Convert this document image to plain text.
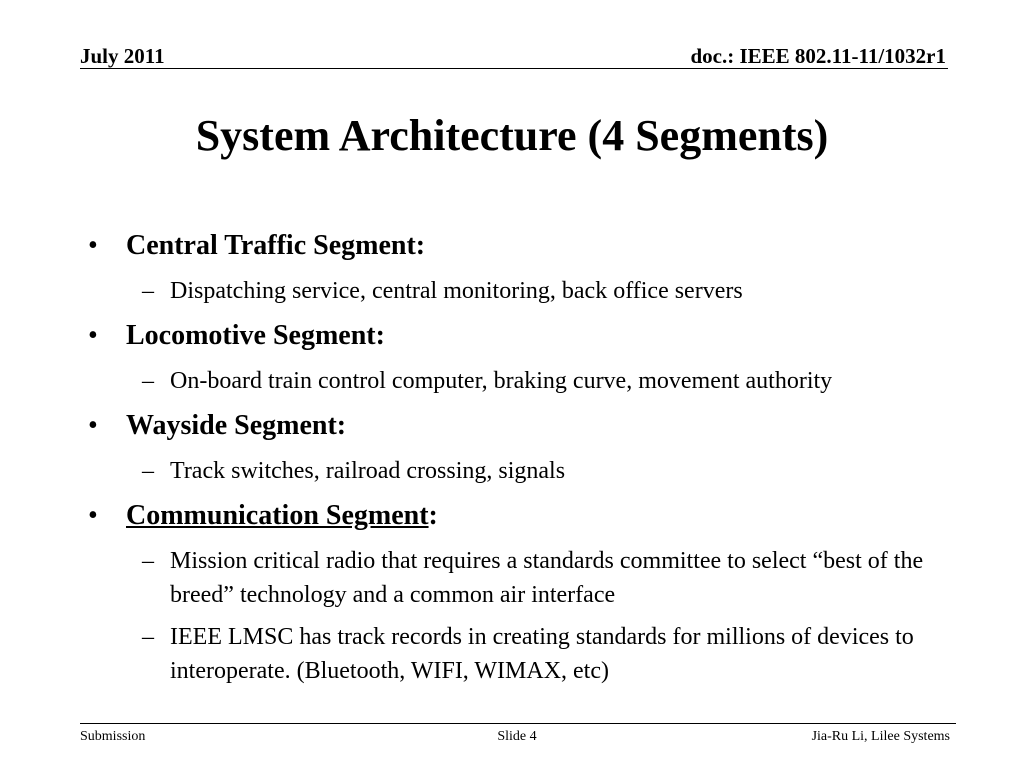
July 2011	doc.: IEEE 802.11-11/1032r1
System Architecture (4 Segments)
• Central Traffic Segment:
– Dispatching service, central monitoring, back office servers
• Locomotive Segment:
– On-board train control computer, braking curve, movement authority
• Wayside Segment:
– Track switches, railroad crossing, signals
• Communication Segment:
– Mission critical radio that requires a standards committee to select “best of the breed” technology and a common air interface
– IEEE LMSC has track records in creating standards for millions of devices to interoperate. (Bluetooth, WIFI, WIMAX, etc)
Submission	Slide 4	Jia-Ru Li, Lilee Systems
